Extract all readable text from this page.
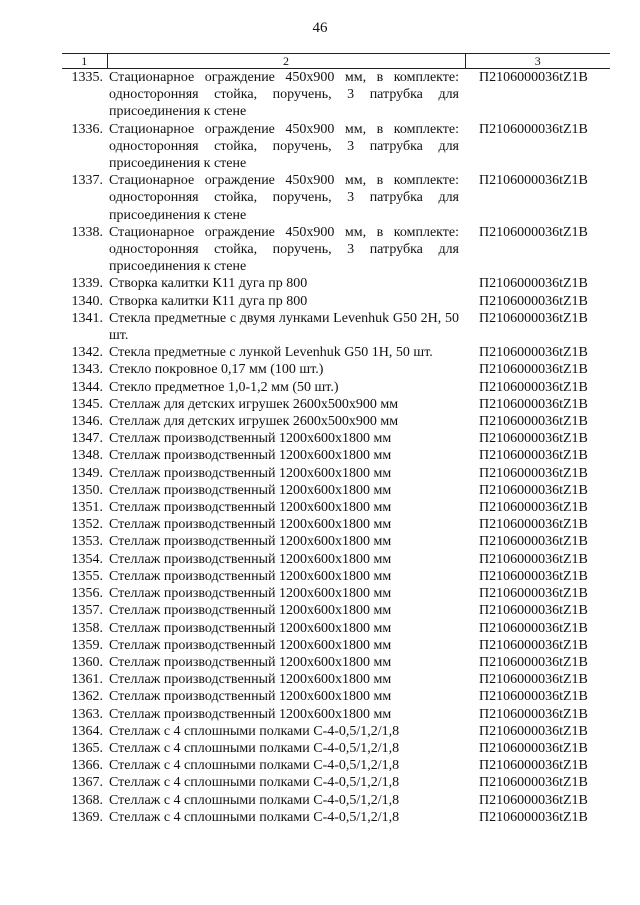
46
1	2	3
1335.	Стационарное ограждение 450x900 мм, в комплекте: односторонняя стойка, поручень, 3 патрубка для присоединения к стене	П2106000036tZ1B
1336.	Стационарное ограждение 450x900 мм, в комплекте: односторонняя стойка, поручень, 3 патрубка для присоединения к стене	П2106000036tZ1B
1337.	Стационарное ограждение 450x900 мм, в комплекте: односторонняя стойка, поручень, 3 патрубка для присоединения к стене	П2106000036tZ1B
1338.	Стационарное ограждение 450x900 мм, в комплекте: односторонняя стойка, поручень, 3 патрубка для присоединения к стене	П2106000036tZ1B
1339.	Створка калитки К11 дуга пр 800	П2106000036tZ1B
1340.	Створка калитки К11 дуга пр 800	П2106000036tZ1B
1341.	Стекла предметные с двумя лунками Levenhuk G50 2H, 50 шт.	П2106000036tZ1B
1342.	Стекла предметные с лункой Levenhuk G50 1H, 50 шт.	П2106000036tZ1B
1343.	Стекло покровное 0,17 мм (100 шт.)	П2106000036tZ1B
1344.	Стекло предметное 1,0-1,2 мм (50 шт.)	П2106000036tZ1B
1345.	Стеллаж для детских игрушек 2600x500x900 мм	П2106000036tZ1B
1346.	Стеллаж для детских игрушек 2600x500x900 мм	П2106000036tZ1B
1347.	Стеллаж производственный 1200x600x1800 мм	П2106000036tZ1B
1348.	Стеллаж производственный 1200x600x1800 мм	П2106000036tZ1B
1349.	Стеллаж производственный 1200x600x1800 мм	П2106000036tZ1B
1350.	Стеллаж производственный 1200x600x1800 мм	П2106000036tZ1B
1351.	Стеллаж производственный 1200x600x1800 мм	П2106000036tZ1B
1352.	Стеллаж производственный 1200x600x1800 мм	П2106000036tZ1B
1353.	Стеллаж производственный 1200x600x1800 мм	П2106000036tZ1B
1354.	Стеллаж производственный 1200x600x1800 мм	П2106000036tZ1B
1355.	Стеллаж производственный 1200x600x1800 мм	П2106000036tZ1B
1356.	Стеллаж производственный 1200x600x1800 мм	П2106000036tZ1B
1357.	Стеллаж производственный 1200x600x1800 мм	П2106000036tZ1B
1358.	Стеллаж производственный 1200x600x1800 мм	П2106000036tZ1B
1359.	Стеллаж производственный 1200x600x1800 мм	П2106000036tZ1B
1360.	Стеллаж производственный 1200x600x1800 мм	П2106000036tZ1B
1361.	Стеллаж производственный 1200x600x1800 мм	П2106000036tZ1B
1362.	Стеллаж производственный 1200x600x1800 мм	П2106000036tZ1B
1363.	Стеллаж производственный 1200x600x1800 мм	П2106000036tZ1B
1364.	Стеллаж с 4 сплошными полками С-4-0,5/1,2/1,8	П2106000036tZ1B
1365.	Стеллаж с 4 сплошными полками С-4-0,5/1,2/1,8	П2106000036tZ1B
1366.	Стеллаж с 4 сплошными полками С-4-0,5/1,2/1,8	П2106000036tZ1B
1367.	Стеллаж с 4 сплошными полками С-4-0,5/1,2/1,8	П2106000036tZ1B
1368.	Стеллаж с 4 сплошными полками С-4-0,5/1,2/1,8	П2106000036tZ1B
1369.	Стеллаж с 4 сплошными полками С-4-0,5/1,2/1,8	П2106000036tZ1B
